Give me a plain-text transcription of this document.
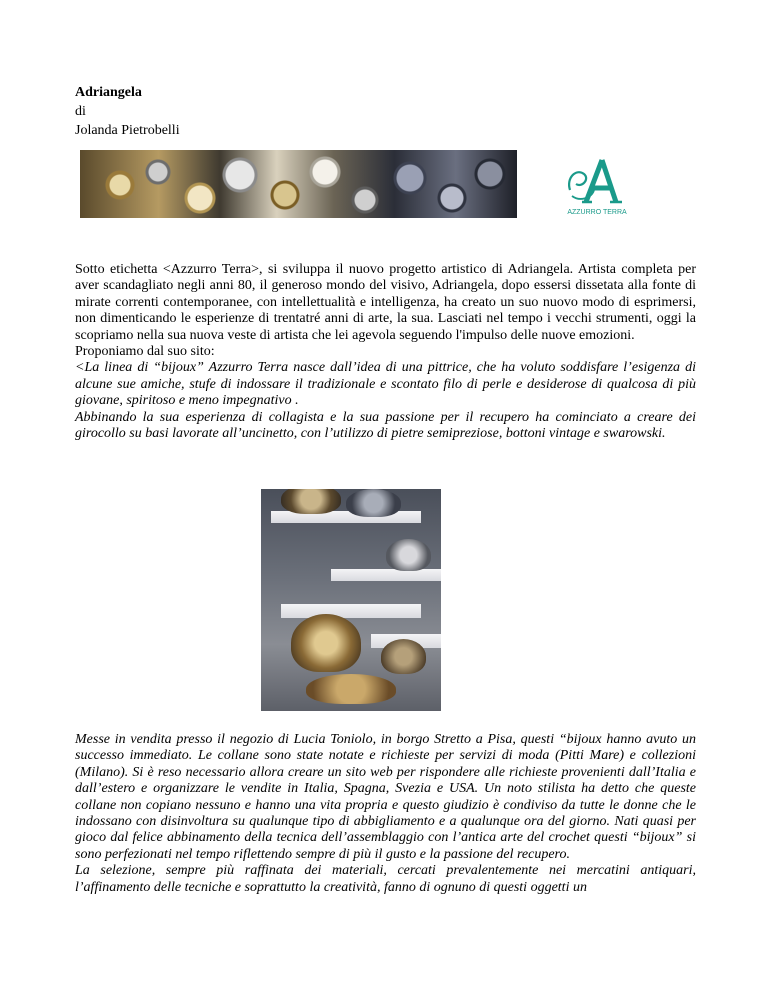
Adriangela
di
Jolanda Pietrobelli
AZZURRO TERRA

Sotto etichetta <Azzurro Terra>, si sviluppa il nuovo progetto artistico di Adriangela. Artista completa per aver scandagliato negli anni 80, il generoso mondo del visivo, Adriangela, dopo essersi dissetata alla fonte di mirate correnti contemporanee, con intellettualità e intelligenza, ha creato un suo nuovo modo di esprimersi, non dimenticando le esperienze di trentatré anni di arte, la sua. Lasciati nel tempo i vecchi strumenti, oggi la scopriamo nella sua nuova veste di artista che lei agevola seguendo l'impulso delle nuove emozioni.

Proponiamo dal suo sito:

<La linea di “bijoux” Azzurro Terra nasce dall’idea di una pittrice, che ha voluto soddisfare l’esigenza di alcune sue amiche, stufe di indossare il tradizionale e scontato filo di perle e desiderose di qualcosa di più giovane, spiritoso e meno impegnativo .

Abbinando la sua esperienza di collagista e la sua passione per il recupero ha cominciato a creare dei girocollo su basi lavorate all’uncinetto, con l’utilizzo di pietre semipreziose, bottoni vintage e swarowski.

Messe in vendita presso il negozio di Lucia Toniolo, in borgo Stretto a Pisa, questi “bijoux hanno avuto un successo immediato. Le collane sono state notate e richieste per servizi di moda (Pitti Mare) e collezioni (Milano). Si è reso necessario allora creare un sito web per rispondere alle richieste provenienti dall’Italia e dall’estero e organizzare le vendite in Italia, Spagna, Svezia e USA. Un noto stilista ha detto che queste collane non copiano nessuno e hanno una vita propria e questo giudizio è condiviso da tutte le donne che le indossano con disinvoltura su qualunque tipo di abbigliamento e a qualunque ora del giorno. Nati quasi per gioco dal felice abbinamento della tecnica dell’assemblaggio con l’antica arte del crochet questi “bijoux” si sono perfezionati nel tempo riflettendo sempre di più il gusto e la passione del recupero.

La selezione, sempre più raffinata dei materiali, cercati prevalentemente nei mercatini antiquari, l’affinamento delle tecniche e soprattutto la creatività, fanno di ognuno di questi oggetti un
